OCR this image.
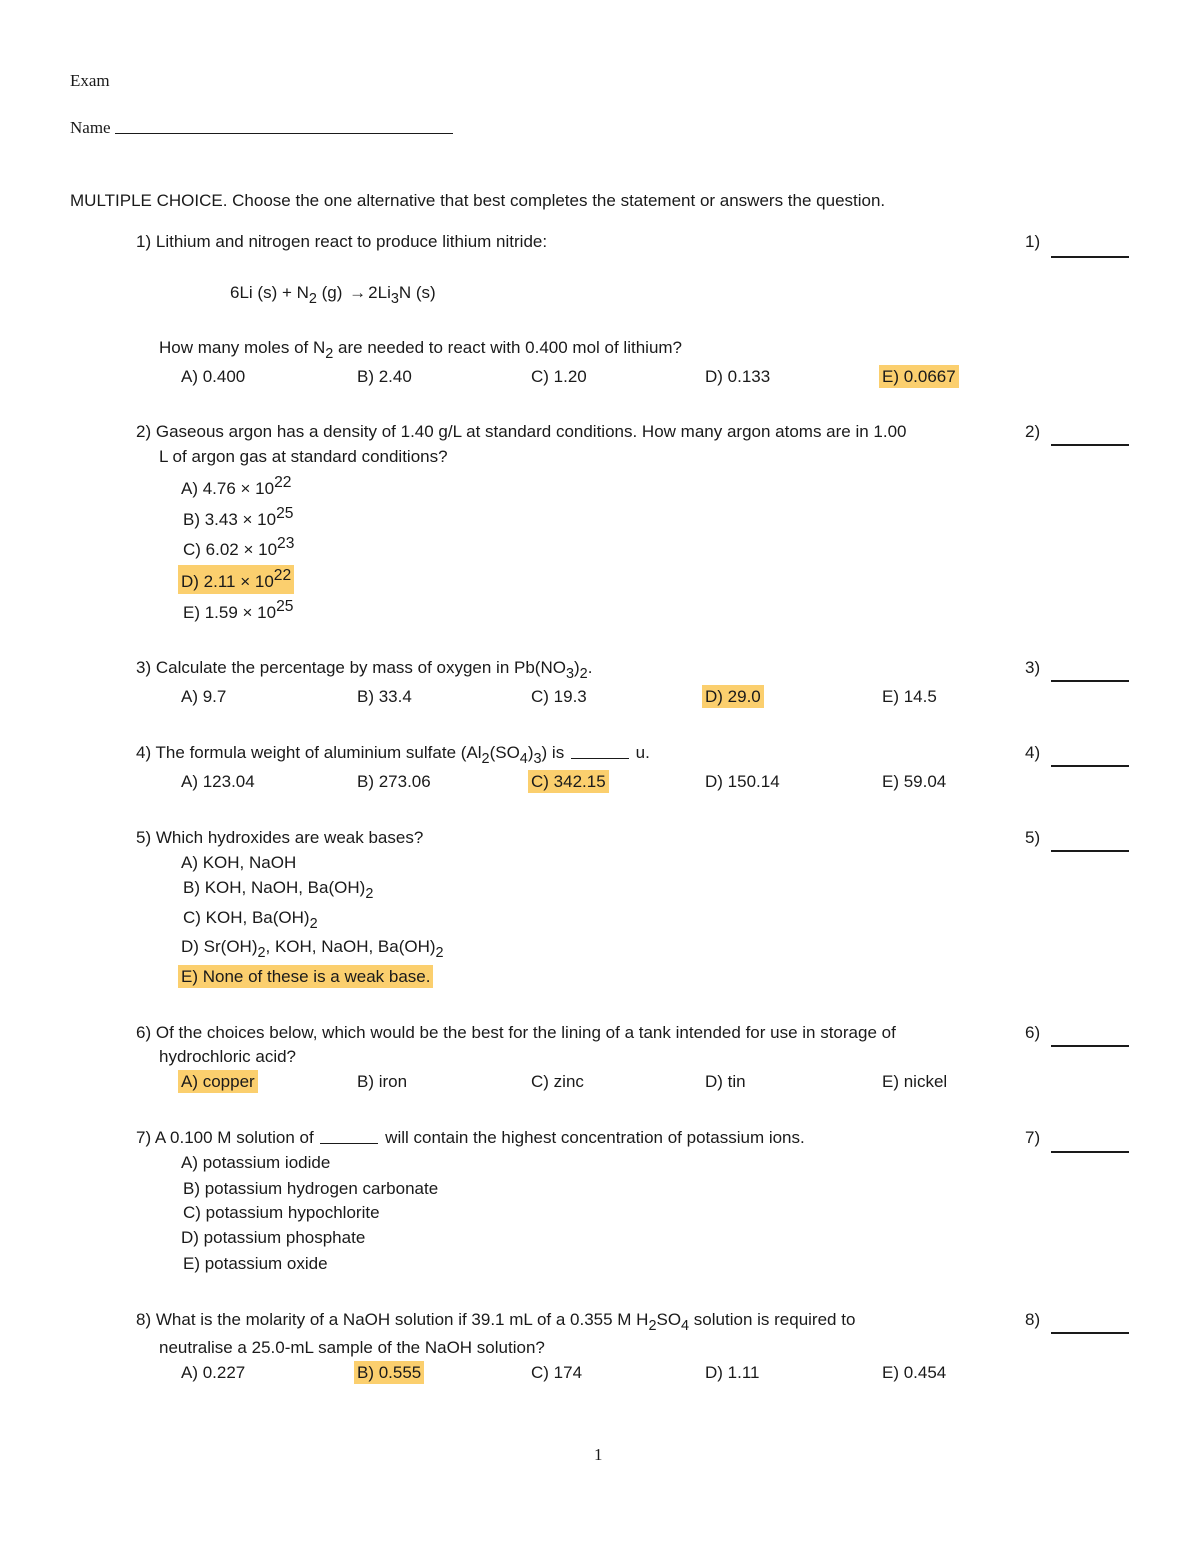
Exam
Name
MULTIPLE CHOICE. Choose the one alternative that best completes the statement or answers the question.
1) Lithium and nitrogen react to produce lithium nitride:
6Li $(s) + N_2$ $(g) \to 2Li_3N$ (s)
How many moles of $N_2$ are needed to react with 0.400 mol of lithium?
A) 0.400	B) 2.40	C) 1.20	D) 0.133	E) 0.0667
1)
2) Gaseous argon has a density of 1.40 g/L at standard conditions. How many argon atoms are in 1.00
L of argon gas at standard conditions?
A) 4.76 × 1022
B) 3.43 × 1025
C) 6.02 × 1023
D) 2.11 × 1022
E) 1.59 × 1025
2)
3) Calculate the percentage by mass of oxygen in $Pb(NO_3)_2$.
A) 9.7	B) 33.4	C) 19.3	D) 29.0	E) 14.5
3)
4) The formula weight of aluminium sulfate $(Al_2(SO_4)_3)$ is	u.
A) 123.04	B) 273.06	C) 342.15	D) 150.14	E) 59.04
4)
5) Which hydroxides are weak bases?
A) KOH, NaOH
B) KOH, NaOH, $Ba(OH)_2$
C) KOH, $Ba(OH)_2$
D) $Sr(OH)_2$, KOH, NaOH, $Ba(OH)_2$
E) None of these is a weak base.
5)
6) Of the choices below, which would be the best for the lining of a tank intended for use in storage of
hydrochloric acid?
A) copper	B) iron	C) zinc	D) tin	E) nickel
6)
7) A 0.100 M solution of	will contain the highest concentration of potassium ions.
A) potassium iodide
B) potassium hydrogen carbonate
C) potassium hypochlorite
D) potassium phosphate
E) potassium oxide
7)
8) What is the molarity of a NaOH solution if 39.1 mL of a 0.355 M $H_2SO_4$ solution is required to
neutralise a 25.0-mL sample of the NaOH solution?
A) 0.227	B) 0.555	C) 174	D) 1.11	E) 0.454
8)
1
